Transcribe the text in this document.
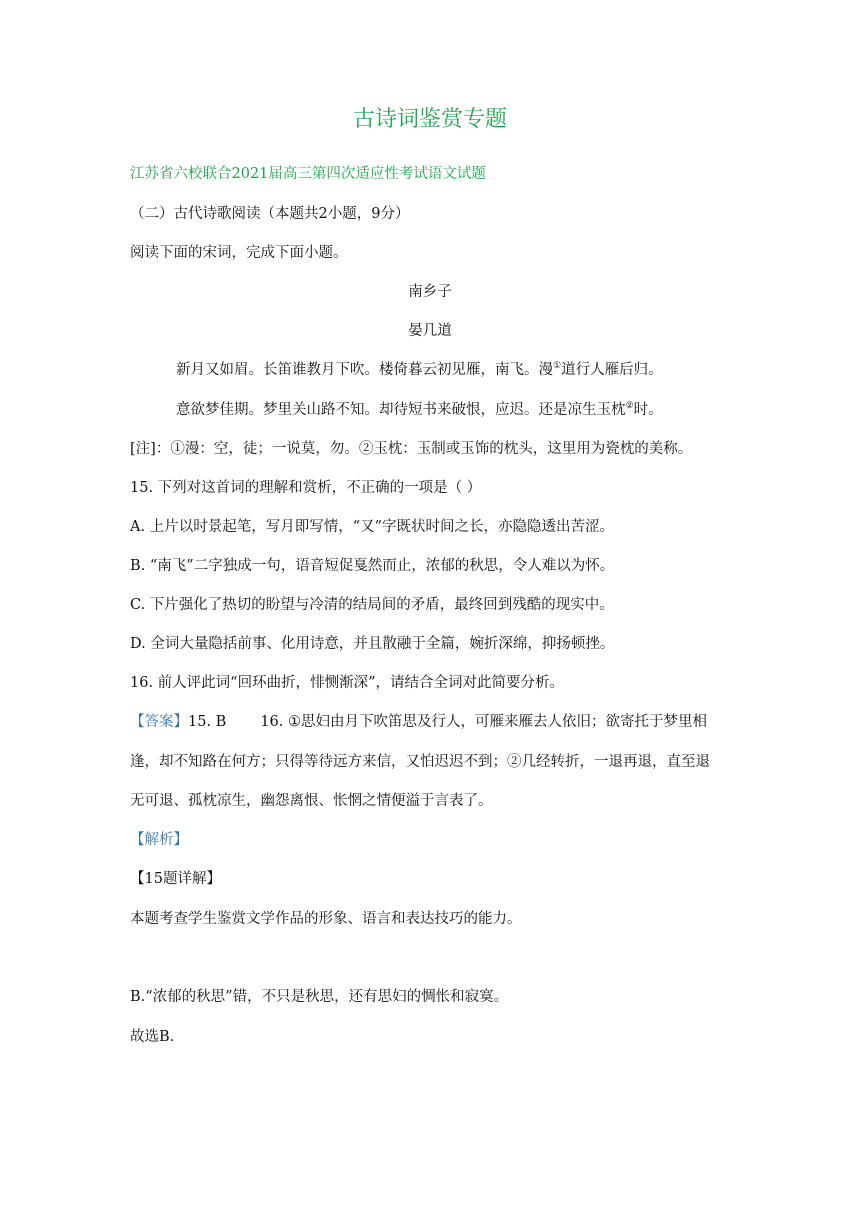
古诗词鉴赏专题
江苏省六校联合2021届高三第四次适应性考试语文试题
（二）古代诗歌阅读（本题共2小题，9分）
阅读下面的宋词，完成下面小题。
南乡子
晏几道
新月又如眉。长笛谁教月下吹。楼倚暮云初见雁，南飞。漫①道行人雁后归。
意欲梦佳期。梦里关山路不知。却待短书来破恨，应迟。还是凉生玉枕②时。
[注]：①漫：空，徒；一说莫，勿。②玉枕：玉制或玉饰的枕头，这里用为瓷枕的美称。
15. 下列对这首词的理解和赏析，不正确的一项是（ ）
A. 上片以时景起笔，写月即写情，“又”字既状时间之长，亦隐隐透出苦涩。
B. “南飞”二字独成一句，语音短促戛然而止，浓郁的秋思，令人难以为怀。
C. 下片强化了热切的盼望与冷清的结局间的矛盾，最终回到残酷的现实中。
D. 全词大量隐括前事、化用诗意，并且散融于全篇，婉折深绵，抑扬顿挫。
16. 前人评此词“回环曲折，悱恻渐深”，请结合全词对此简要分析。
【答案】15. B 16. ①思妇由月下吹笛思及行人，可雁来雁去人依旧；欲寄托于梦里相
逢，却不知路在何方；只得等待远方来信，又怕迟迟不到；②几经转折，一退再退，直至退
无可退、孤枕凉生，幽怨离恨、怅惘之情便溢于言表了。
【解析】
【15题详解】
本题考查学生鉴赏文学作品的形象、语言和表达技巧的能力。
B.“浓郁的秋思”错，不只是秋思，还有思妇的惆怅和寂寞。
故选B.
